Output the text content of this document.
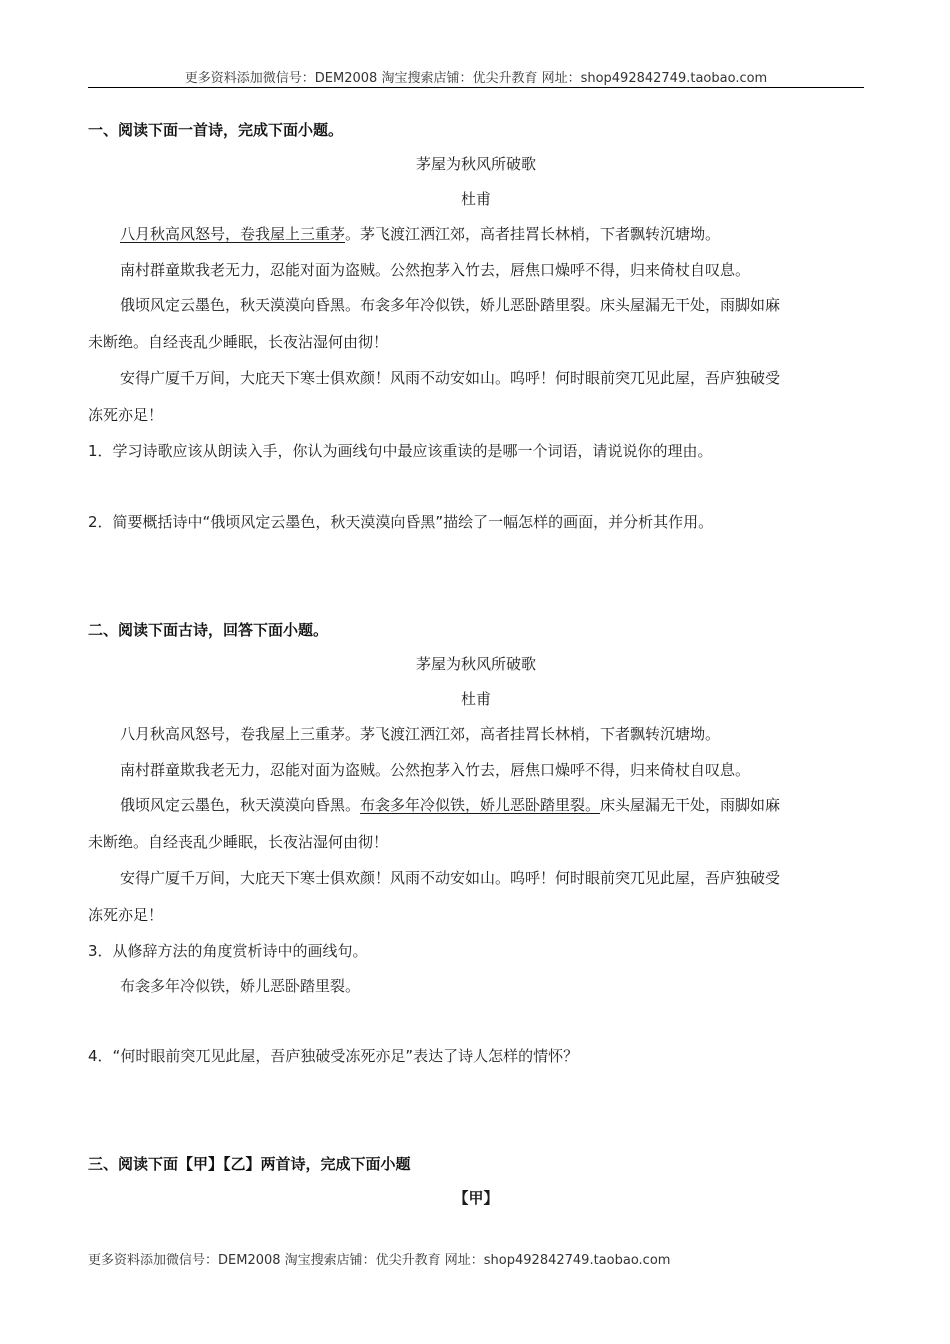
更多资料添加微信号：DEM2008 淘宝搜索店铺：优尖升教育 网址：shop492842749.taobao.com
一、阅读下面一首诗，完成下面小题。
茅屋为秋风所破歌
杜甫
八月秋高风怒号，卷我屋上三重茅。茅飞渡江洒江郊，高者挂罥长林梢，下者飘转沉塘坳。
南村群童欺我老无力，忍能对面为盗贼。公然抱茅入竹去，唇焦口燥呼不得，归来倚杖自叹息。
俄顷风定云墨色，秋天漠漠向昏黑。布衾多年冷似铁，娇儿恶卧踏里裂。床头屋漏无干处，雨脚如麻
未断绝。自经丧乱少睡眠，长夜沾湿何由彻！
安得广厦千万间，大庇天下寒士俱欢颜！风雨不动安如山。呜呼！何时眼前突兀见此屋，吾庐独破受
冻死亦足！
1．学习诗歌应该从朗读入手，你认为画线句中最应该重读的是哪一个词语，请说说你的理由。
2．简要概括诗中“俄顷风定云墨色，秋天漠漠向昏黑”描绘了一幅怎样的画面，并分析其作用。
二、阅读下面古诗，回答下面小题。
茅屋为秋风所破歌
杜甫
八月秋高风怒号，卷我屋上三重茅。茅飞渡江洒江郊，高者挂罥长林梢，下者飘转沉塘坳。
南村群童欺我老无力，忍能对面为盗贼。公然抱茅入竹去，唇焦口燥呼不得，归来倚杖自叹息。
俄顷风定云墨色，秋天漠漠向昏黑。布衾多年冷似铁，娇儿恶卧踏里裂。床头屋漏无干处，雨脚如麻
未断绝。自经丧乱少睡眠，长夜沾湿何由彻！
安得广厦千万间，大庇天下寒士俱欢颜！风雨不动安如山。呜呼！何时眼前突兀见此屋，吾庐独破受
冻死亦足！
3．从修辞方法的角度赏析诗中的画线句。
布衾多年冷似铁，娇儿恶卧踏里裂。
4．“何时眼前突兀见此屋，吾庐独破受冻死亦足”表达了诗人怎样的情怀？
三、阅读下面【甲】【乙】两首诗，完成下面小题
【甲】
更多资料添加微信号：DEM2008 淘宝搜索店铺：优尖升教育 网址：shop492842749.taobao.com
